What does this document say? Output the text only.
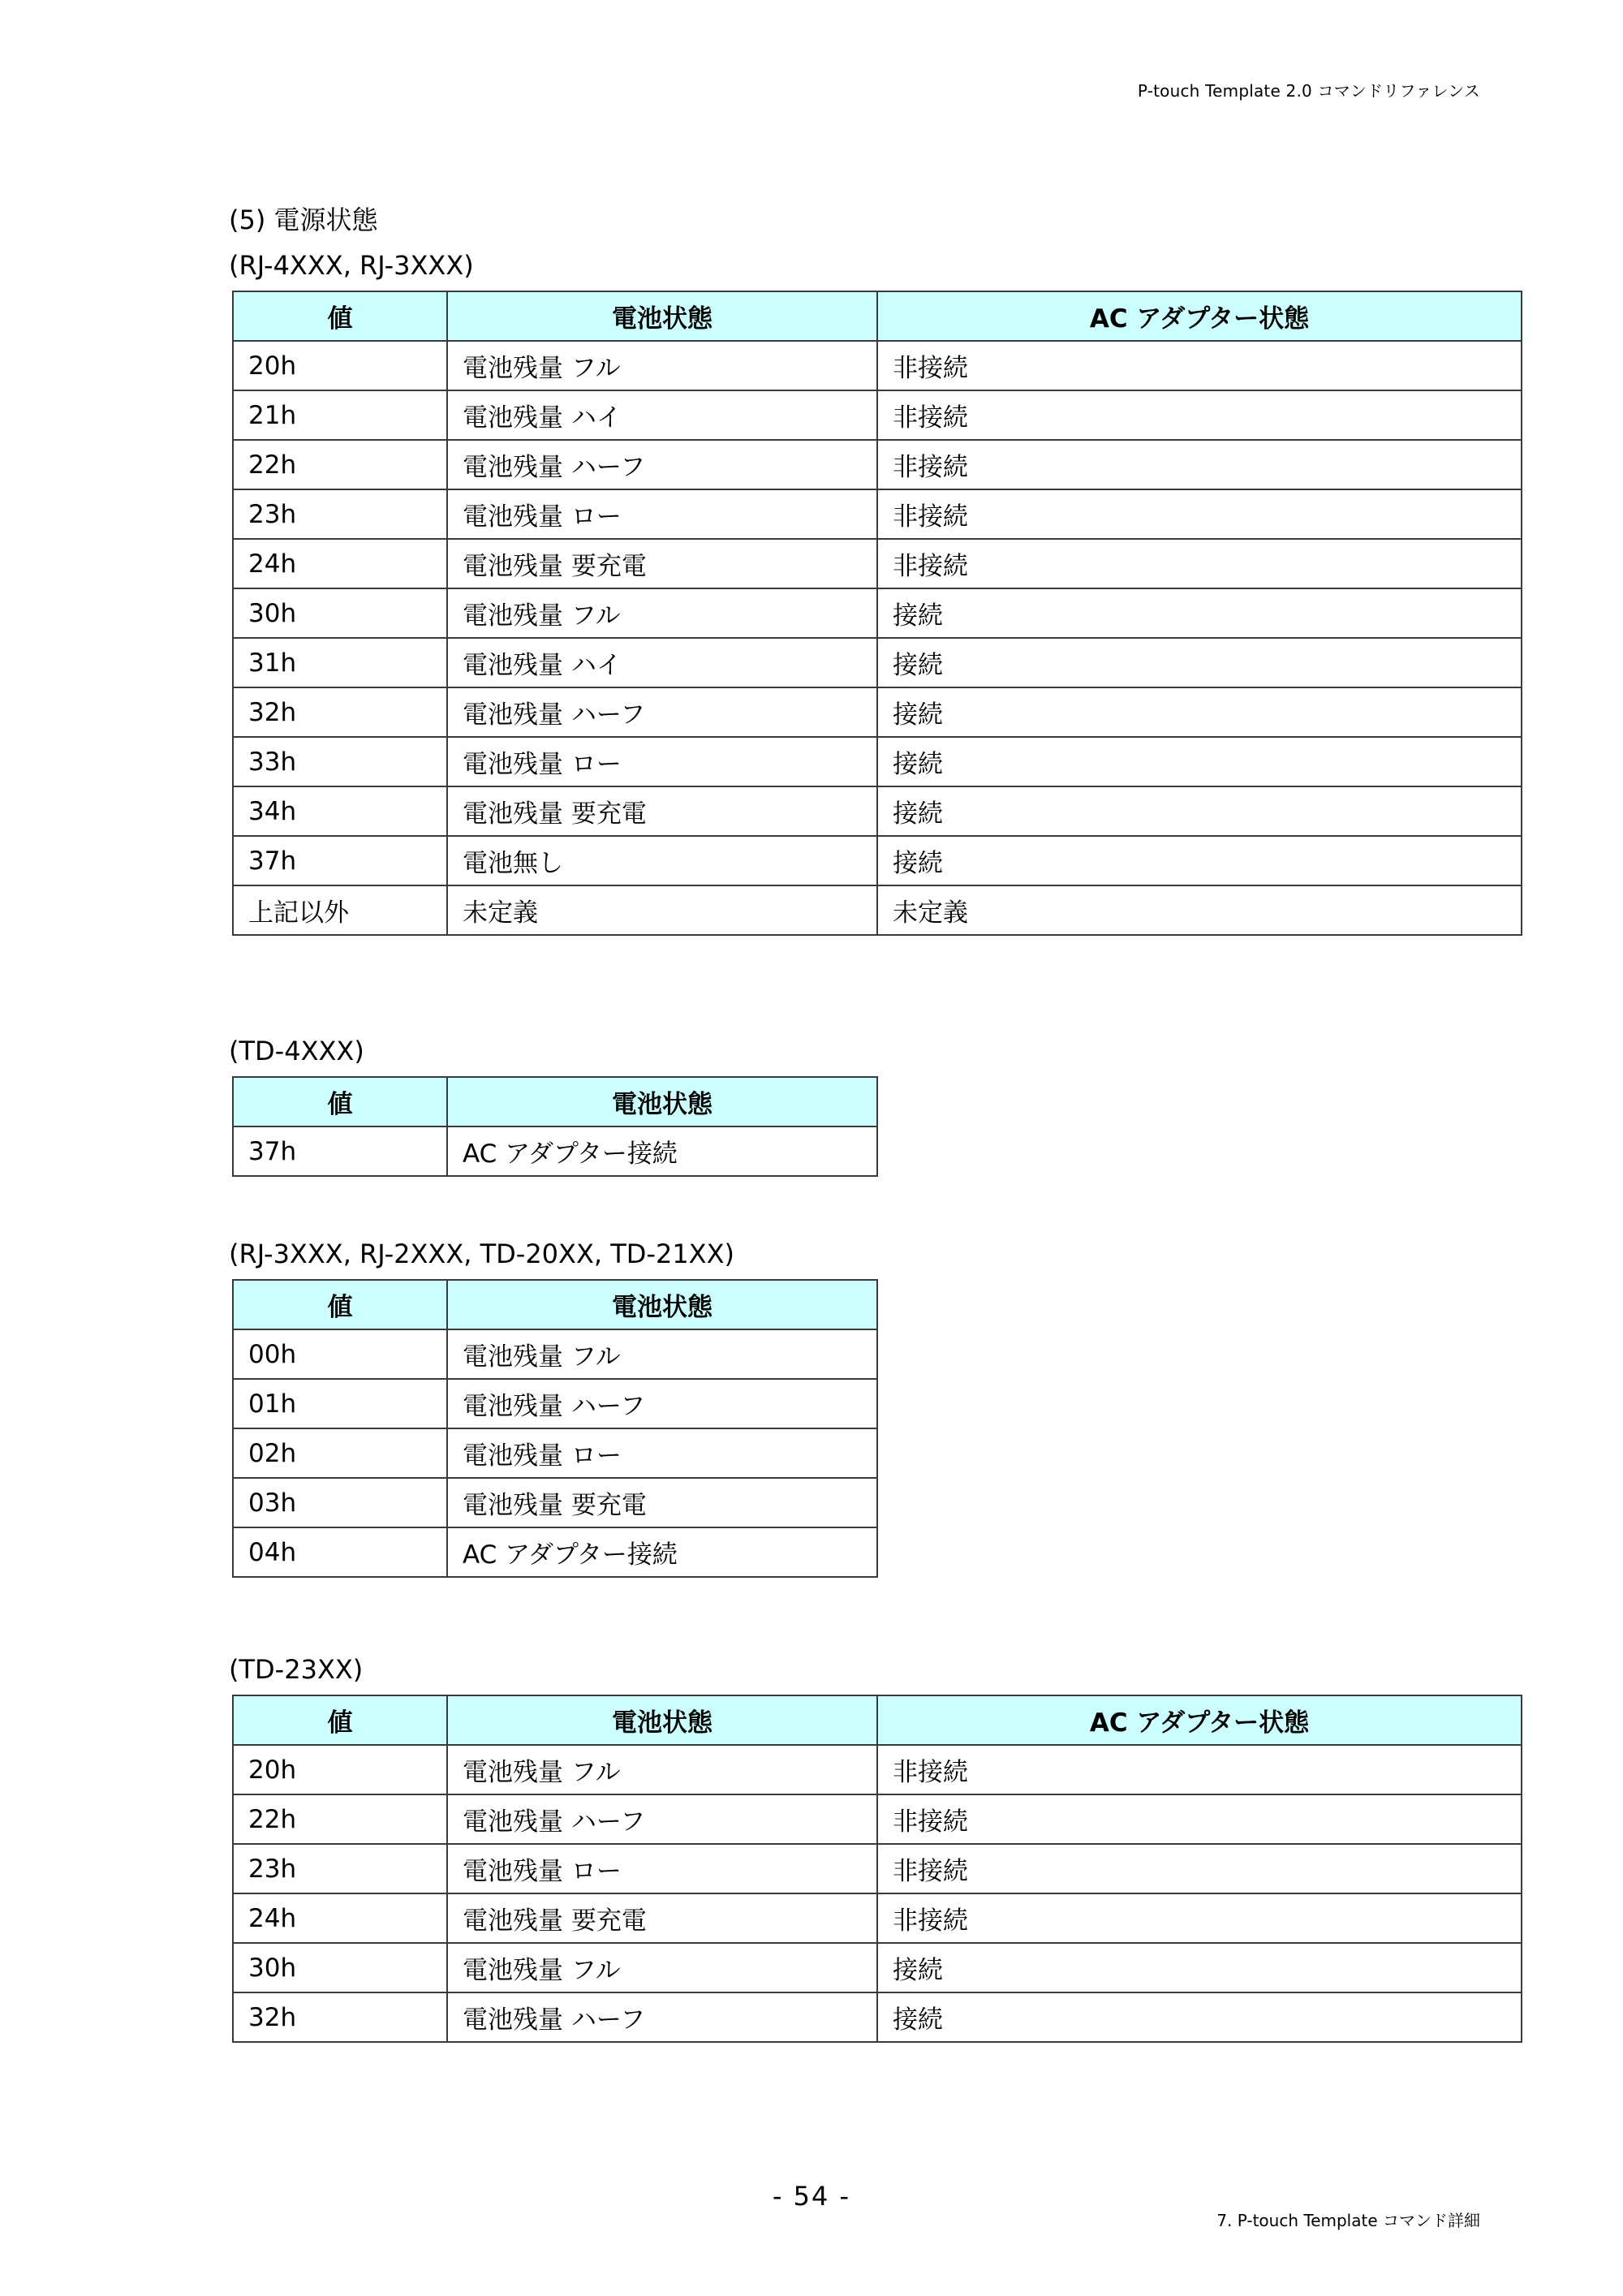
P-touch Template 2.0 コマンドリファレンス
(5) 電源状態
(RJ-4XXX, RJ-3XXX)
値	電池状態	AC アダプター状態
20h	電池残量 フル	非接続
21h	電池残量 ハイ	非接続
22h	電池残量 ハーフ	非接続
23h	電池残量 ロー	非接続
24h	電池残量 要充電	非接続
30h	電池残量 フル	接続
31h	電池残量 ハイ	接続
32h	電池残量 ハーフ	接続
33h	電池残量 ロー	接続
34h	電池残量 要充電	接続
37h	電池無し	接続
上記以外	未定義	未定義
(TD-4XXX)
値	電池状態
37h	AC アダプター接続
(RJ-3XXX, RJ-2XXX, TD-20XX, TD-21XX)
値	電池状態
00h	電池残量 フル
01h	電池残量 ハーフ
02h	電池残量 ロー
03h	電池残量 要充電
04h	AC アダプター接続
(TD-23XX)
値	電池状態	AC アダプター状態
20h	電池残量 フル	非接続
22h	電池残量 ハーフ	非接続
23h	電池残量 ロー	非接続
24h	電池残量 要充電	非接続
30h	電池残量 フル	接続
32h	電池残量 ハーフ	接続
- 54 -
7. P-touch Template コマンド詳細
